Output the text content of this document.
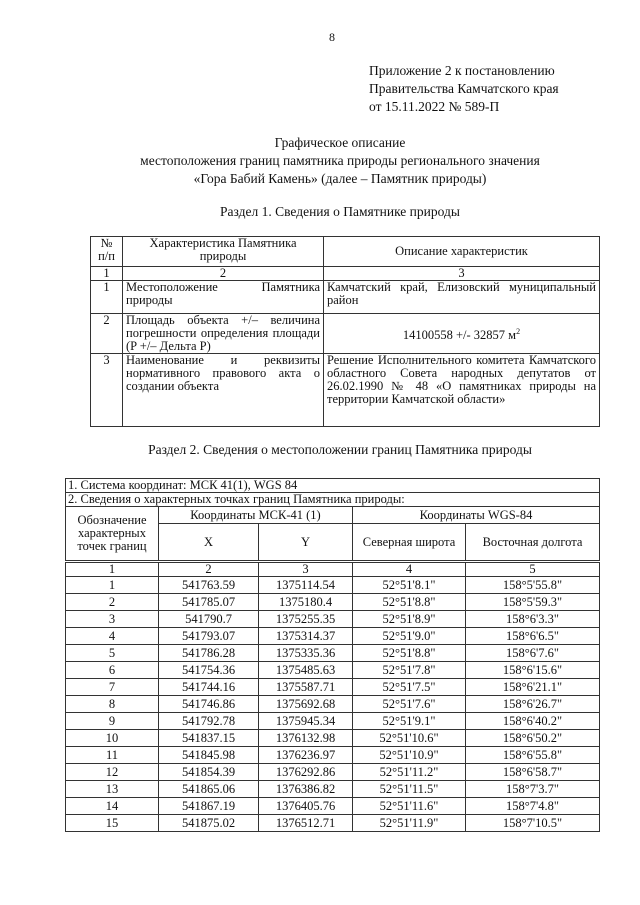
8
Приложение 2 к постановлению
Правительства Камчатского края
от 15.11.2022 № 589-П
Графическое описание
местоположения границ памятника природы регионального значения
«Гора Бабий Камень» (далее – Памятник природы)
Раздел 1. Сведения о Памятнике природы
№ п/п	Характеристика Памятника природы	Описание характеристик
1	2	3
1	Местоположение Памятника природы	Камчатский край, Елизовский муниципальный район
2	Площадь объекта +/– величина погрешности определения площади (P +/– Дельта P)	14100558 +/- 32857 $м^2$
3	Наименование и реквизиты нормативного правового акта о создании объекта	Решение Исполнительного комитета Камчатского областного Совета народных депутатов от 26.02.1990 № 48 «О памятниках природы на территории Камчатской области»
Раздел 2. Сведения о местоположении границ Памятника природы
1. Система координат: МСК 41(1), WGS 84				
2. Сведения о характерных точках границ Памятника природы:				
Обозначение характерных точек границ	Координаты МСК-41 (1)		Координаты WGS-84	
	X	Y	Северная широта	Восточная долгота
1	2	3	4	5
1	541763.59	1375114.54	52°51'8.1"	158°5'55.8"
2	541785.07	1375180.4	52°51'8.8"	158°5'59.3"
3	541790.7	1375255.35	52°51'8.9"	158°6'3.3"
4	541793.07	1375314.37	52°51'9.0"	158°6'6.5"
5	541786.28	1375335.36	52°51'8.8"	158°6'7.6"
6	541754.36	1375485.63	52°51'7.8"	158°6'15.6"
7	541744.16	1375587.71	52°51'7.5"	158°6'21.1"
8	541746.86	1375692.68	52°51'7.6"	158°6'26.7"
9	541792.78	1375945.34	52°51'9.1"	158°6'40.2"
10	541837.15	1376132.98	52°51'10.6"	158°6'50.2"
11	541845.98	1376236.97	52°51'10.9"	158°6'55.8"
12	541854.39	1376292.86	52°51'11.2"	158°6'58.7"
13	541865.06	1376386.82	52°51'11.5"	158°7'3.7"
14	541867.19	1376405.76	52°51'11.6"	158°7'4.8"
15	541875.02	1376512.71	52°51'11.9"	158°7'10.5"
